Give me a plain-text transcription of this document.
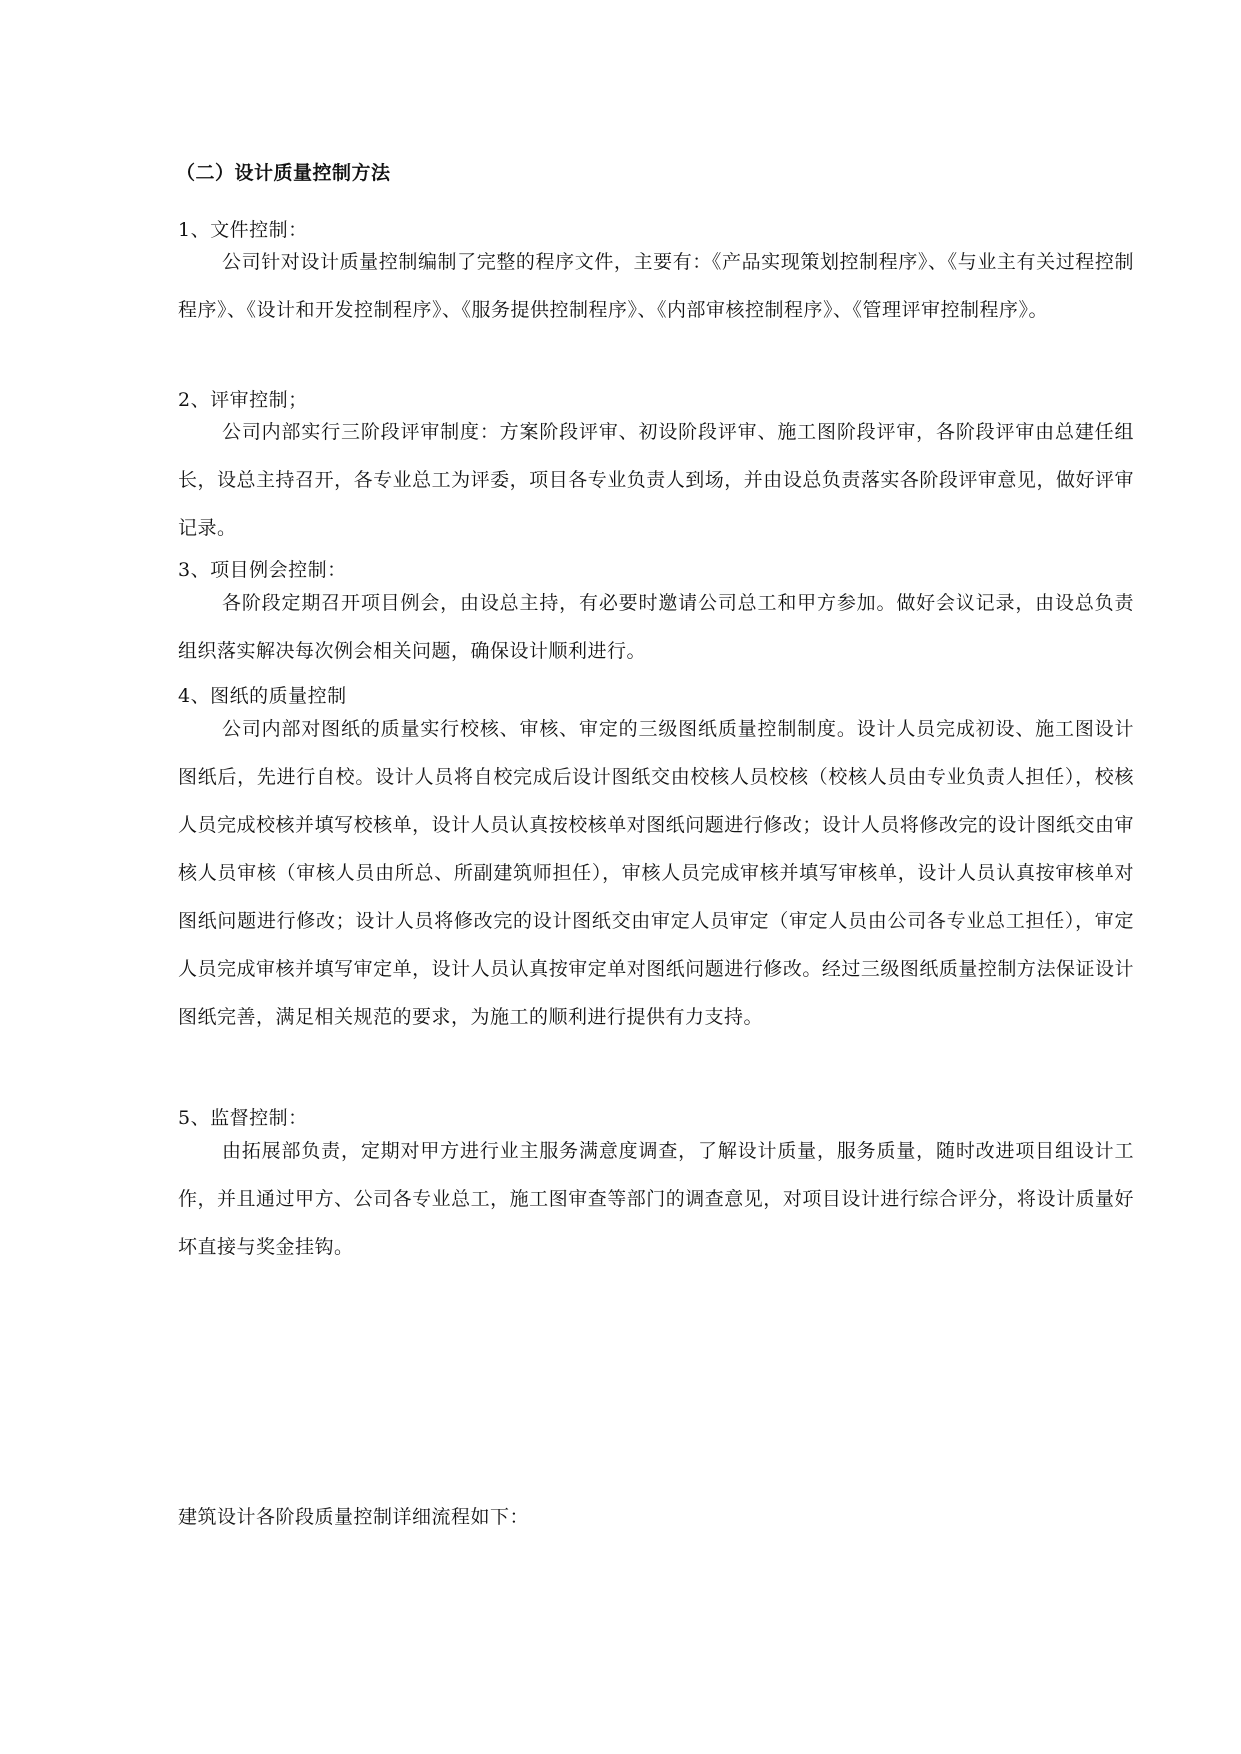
（二）设计质量控制方法
1、文件控制：
公司针对设计质量控制编制了完整的程序文件，主要有：《产品实现策划控制程序》、《与业主有关过程控制程序》、《设计和开发控制程序》、《服务提供控制程序》、《内部审核控制程序》、《管理评审控制程序》。
2、评审控制；
公司内部实行三阶段评审制度：方案阶段评审、初设阶段评审、施工图阶段评审，各阶段评审由总建任组长，设总主持召开，各专业总工为评委，项目各专业负责人到场，并由设总负责落实各阶段评审意见，做好评审记录。
3、项目例会控制：
各阶段定期召开项目例会，由设总主持，有必要时邀请公司总工和甲方参加。做好会议记录，由设总负责组织落实解决每次例会相关问题，确保设计顺利进行。
4、图纸的质量控制
公司内部对图纸的质量实行校核、审核、审定的三级图纸质量控制制度。设计人员完成初设、施工图设计图纸后，先进行自校。设计人员将自校完成后设计图纸交由校核人员校核（校核人员由专业负责人担任），校核人员完成校核并填写校核单，设计人员认真按校核单对图纸问题进行修改；设计人员将修改完的设计图纸交由审核人员审核（审核人员由所总、所副建筑师担任），审核人员完成审核并填写审核单，设计人员认真按审核单对图纸问题进行修改；设计人员将修改完的设计图纸交由审定人员审定（审定人员由公司各专业总工担任），审定人员完成审核并填写审定单，设计人员认真按审定单对图纸问题进行修改。经过三级图纸质量控制方法保证设计图纸完善，满足相关规范的要求，为施工的顺利进行提供有力支持。
5、监督控制：
由拓展部负责，定期对甲方进行业主服务满意度调查，了解设计质量，服务质量，随时改进项目组设计工作，并且通过甲方、公司各专业总工，施工图审查等部门的调查意见，对项目设计进行综合评分，将设计质量好坏直接与奖金挂钩。
建筑设计各阶段质量控制详细流程如下：
